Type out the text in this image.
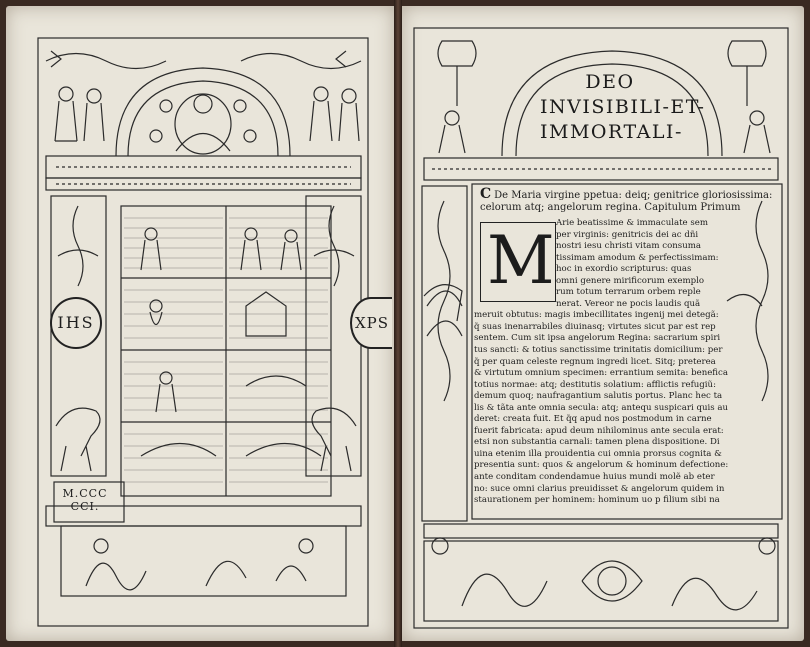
IHS	XPS
M.CCC
CCI.
DEO
INVISIBILI-ET-
IMMORTALI-
C De Maria virgine ppetua: deiq; genitrice gloriosissima: celorum atq; angelorum regina. Capitulum Primum
M Arie beatissime & immaculate sem
per virginis: genitricis dei ac dñi
nostri iesu christi vitam consuma
tissimam amodum & perfectissimam:
hoc in exordio scripturus: quas
omni genere mirificorum exemplo
rum totum terrarum orbem reple
nerat. Vereor ne pocis laudis quã
meruit obtutus: magis imbecillitates ingenij mei detegã:
q̃ suas inenarrabiles diuinasq; virtutes sicut par est rep
sentem. Cum sit ipsa angelorum Regina: sacrarium spiri
tus sancti: & totius sanctissime trinitatis domicilium: per
q̃ per quam celeste regnum ingredi licet. Sitq; preterea
& virtutum omnium specimen: errantium semita: benefica
totius normae: atq; destitutis solatium: afflictis refugiũ:
demum quoq; naufragantium salutis portus. Planc hec ta
lis & tãta ante omnia secula: atq; antequ suspicari quis au
deret: creata fuit. Et q̃q apud nos postmodum in carne
fuerit fabricata: apud deum nihilominus ante secula erat:
etsi non substantia carnali: tamen plena dispositione. Di
uina etenim illa prouidentia cui omnia prorsus cognita &
presentia sunt: quos & angelorum & hominum defectione:
ante conditam condendamue huius mundi molẽ ab eter
no: suce omni clarius preuidisset & angelorum quidem in
staurationem per hominem: hominum uo p filium sibi na
